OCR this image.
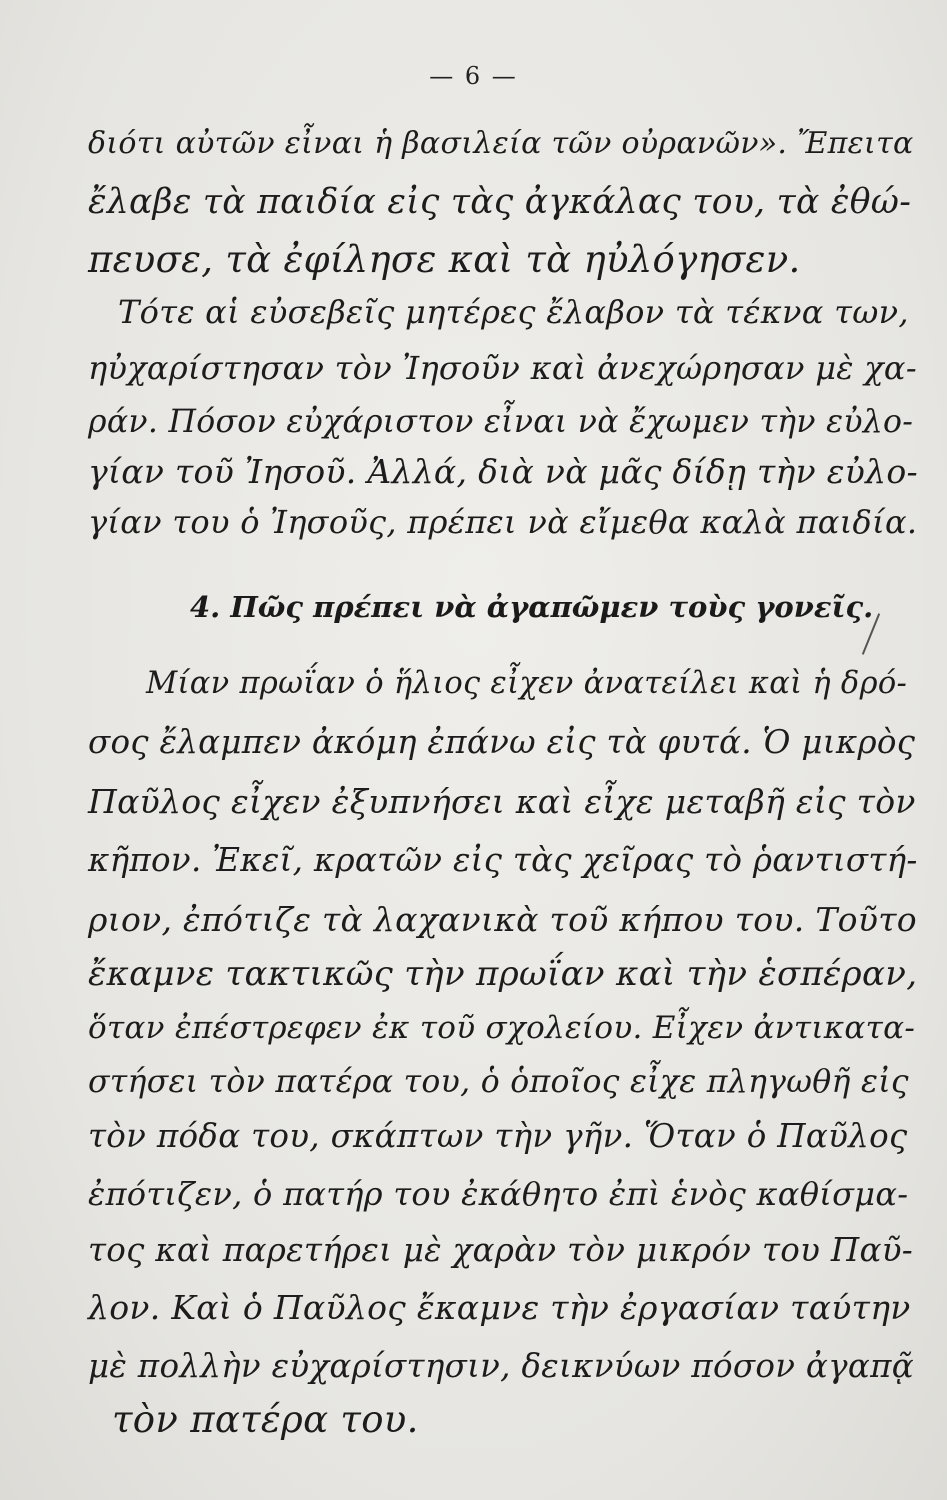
— 6 —
διότι αὐτῶν εἶναι ἡ βασιλεία τῶν οὐρανῶν». Ἔπειτα
ἔλαβε τὰ παιδία εἰς τὰς ἀγκάλας του, τὰ ἐθώ-
πευσε, τὰ ἐφίλησε καὶ τὰ ηὐλόγησεν.
Τότε αἱ εὐσεβεῖς μητέρες ἔλαβον τὰ τέκνα των,
ηὐχαρίστησαν τὸν Ἰησοῦν καὶ ἀνεχώρησαν μὲ χα-
ράν. Πόσον εὐχάριστον εἶναι νὰ ἔχωμεν τὴν εὐλο-
γίαν τοῦ Ἰησοῦ. Ἀλλά, διὰ νὰ μᾶς δίδῃ τὴν εὐλο-
γίαν του ὁ Ἰησοῦς, πρέπει νὰ εἴμεθα καλὰ παιδία.
4. Πῶς πρέπει νὰ ἀγαπῶμεν τοὺς γονεῖς.
Μίαν πρωΐαν ὁ ἥλιος εἶχεν ἀνατείλει καὶ ἡ δρό-
σος ἔλαμπεν ἀκόμη ἐπάνω εἰς τὰ φυτά. Ὁ μικρὸς
Παῦλος εἶχεν ἐξυπνήσει καὶ εἶχε μεταβῆ εἰς τὸν
κῆπον. Ἐκεῖ, κρατῶν εἰς τὰς χεῖρας τὸ ῥαντιστή-
ριον, ἐπότιζε τὰ λαχανικὰ τοῦ κήπου του. Τοῦτο
ἔκαμνε τακτικῶς τὴν πρωΐαν καὶ τὴν ἑσπέραν,
ὅταν ἐπέστρεφεν ἐκ τοῦ σχολείου. Εἶχεν ἀντικατα-
στήσει τὸν πατέρα του, ὁ ὁποῖος εἶχε πληγωθῆ εἰς
τὸν πόδα του, σκάπτων τὴν γῆν. Ὅταν ὁ Παῦλος
ἐπότιζεν, ὁ πατήρ του ἐκάθητο ἐπὶ ἑνὸς καθίσμα-
τος καὶ παρετήρει μὲ χαρὰν τὸν μικρόν του Παῦ-
λον. Καὶ ὁ Παῦλος ἔκαμνε τὴν ἐργασίαν ταύτην
μὲ πολλὴν εὐχαρίστησιν, δεικνύων πόσον ἀγαπᾷ
τὸν πατέρα του.
